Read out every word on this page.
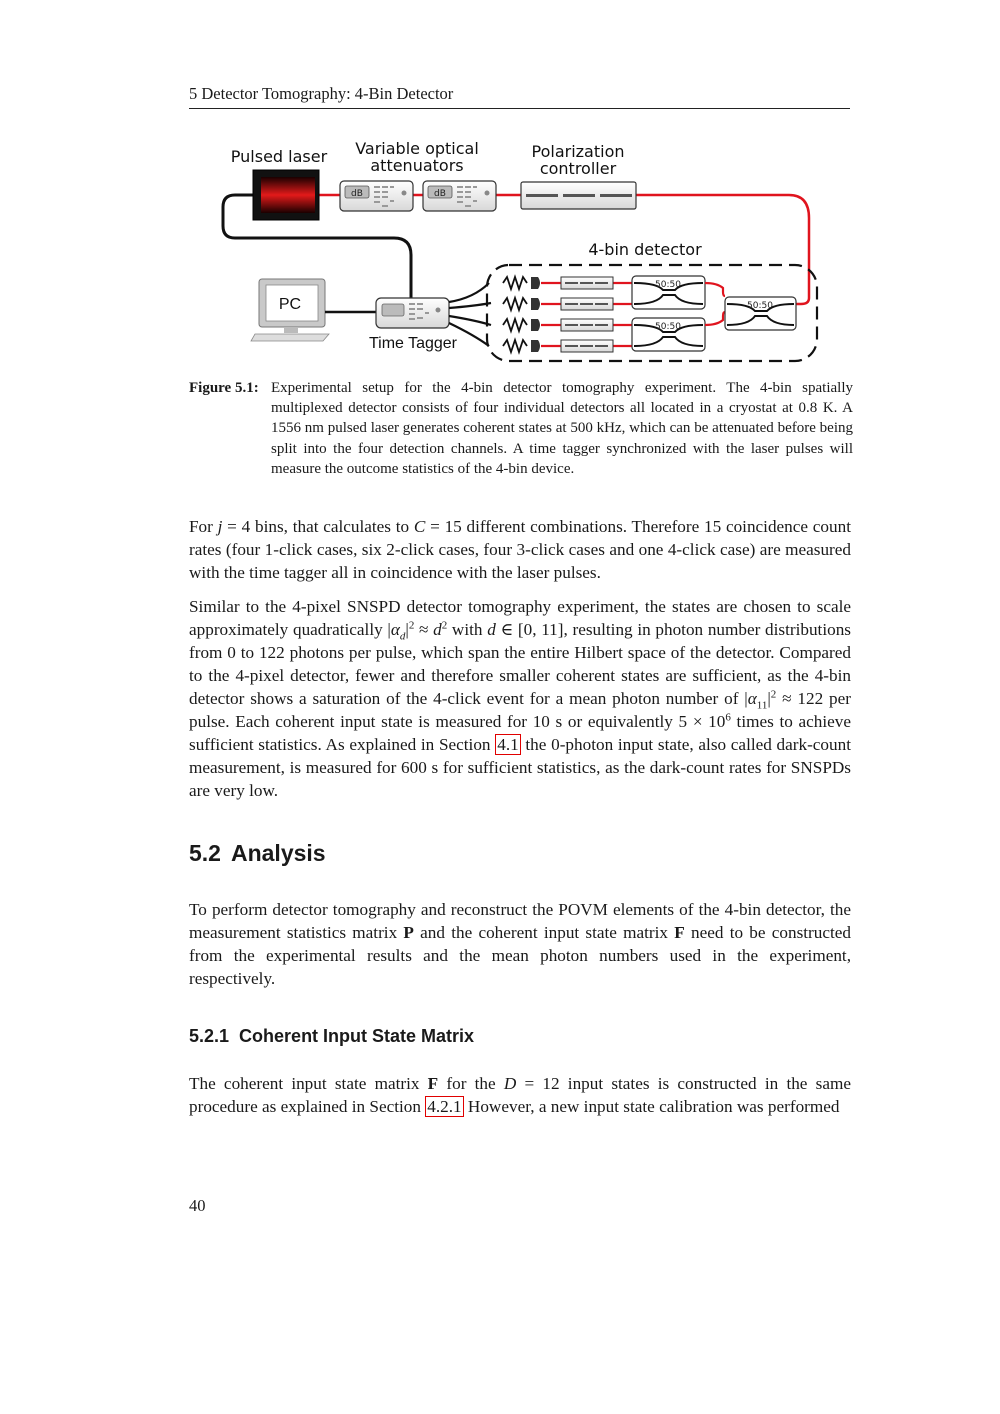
5 Detector Tomography: 4-Bin Detector
Pulsed laser Variable optical
attenuators
Polarization
controller
4-bin detector
dB	dB
PC
Time Tagger
50:50
50:50
50:50
Figure 5.1: Experimental setup for the 4-bin detector tomography experiment. The 4-bin spatially multiplexed detector consists of four individual detectors all located in a cryostat at 0.8 K. A 1556 nm pulsed laser generates coherent states at 500 kHz, which can be attenuated before being split into the four detection channels. A time tagger synchronized with the laser pulses will measure the outcome statistics of the 4-bin device.

For j = 4 bins, that calculates to C = 15 different combinations. Therefore 15 coincidence count rates (four 1-click cases, six 2-click cases, four 3-click cases and one 4-click case) are measured with the time tagger all in coincidence with the laser pulses.

Similar to the 4-pixel SNSPD detector tomography experiment, the states are chosen to scale approximately quadratically $|\alpha_d|^2 \approx d^2$ with d ∈ [0, 11], resulting in photon number distributions from 0 to 122 photons per pulse, which span the entire Hilbert space of the detector. Compared to the 4-pixel detector, fewer and therefore smaller coherent states are sufficient, as the 4-bin detector shows a saturation of the 4-click event for a mean photon number of $|\alpha_{11}|^2 \approx 122$ per pulse. Each coherent input state is measured for 10 s or equivalently $5 \times 10^6$ times to achieve sufficient statistics. As explained in Section 4.1 the 0-photon input state, also called dark-count measurement, is measured for 600 s for sufficient statistics, as the dark-count rates for SNSPDs are very low.

5.2 Analysis

To perform detector tomography and reconstruct the POVM elements of the 4-bin detector, the measurement statistics matrix P and the coherent input state matrix F need to be constructed from the experimental results and the mean photon numbers used in the experiment, respectively.

5.2.1 Coherent Input State Matrix

The coherent input state matrix F for the D = 12 input states is constructed in the same procedure as explained in Section 4.2.1 However, a new input state calibration was performed

40
